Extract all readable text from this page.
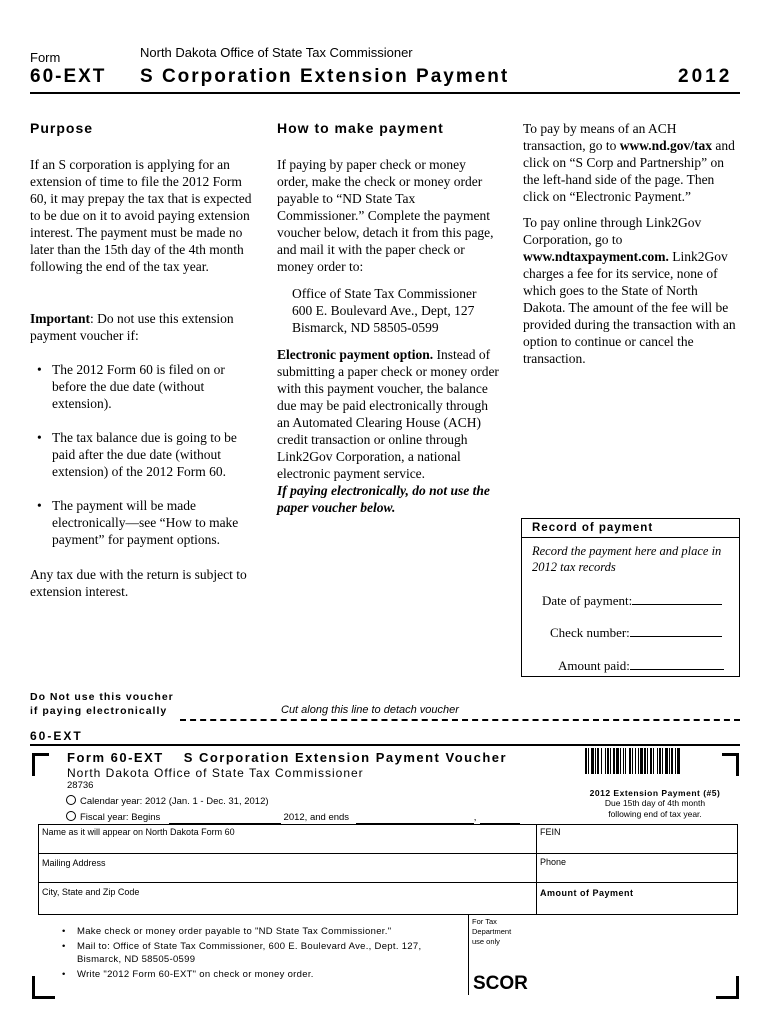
Form	North Dakota Office of State Tax Commissioner
60-EXT S Corporation Extension Payment	2012
Purpose
If an S corporation is applying for an extension of time to file the 2012 Form 60, it may prepay the tax that is expected to be due on it to avoid paying extension interest. The payment must be made no later than the 15th day of the 4th month following the end of the tax year.
Important: Do not use this extension payment voucher if:
• The 2012 Form 60 is filed on or before the due date (without extension).
• The tax balance due is going to be paid after the due date (without extension) of the 2012 Form 60.
• The payment will be made electronically—see “How to make payment” for payment options.
Any tax due with the return is subject to extension interest.
How to make payment
If paying by paper check or money order, make the check or money order payable to “ND State Tax Commissioner.” Complete the payment voucher below, detach it from this page, and mail it with the paper check or money order to:
Office of State Tax Commissioner
600 E. Boulevard Ave., Dept, 127
Bismarck, ND 58505-0599
Electronic payment option. Instead of submitting a paper check or money order with this payment voucher, the balance due may be paid electronically through an Automated Clearing House (ACH) credit transaction or online through Link2Gov Corporation, a national electronic payment service.
If paying electronically, do not use the paper voucher below.
To pay by means of an ACH transaction, go to www.nd.gov/tax and click on “S Corp and Partnership” on the left-hand side of the page. Then click on “Electronic Payment.”
To pay online through Link2Gov Corporation, go to www.ndtaxpayment.com. Link2Gov charges a fee for its service, none of which goes to the State of North Dakota. The amount of the fee will be provided during the transaction with an option to continue or cancel the transaction.
Record of payment
Record the payment here and place in 2012 tax records
Date of payment:
Check number:
Amount paid:
Do Not use this voucher
if paying electronically	Cut along this line to detach voucher
60-EXT
Form 60-EXT S Corporation Extension Payment Voucher
North Dakota Office of State Tax Commissioner
28736
Calendar year: 2012 (Jan. 1 - Dec. 31, 2012)
Fiscal year: Begins	2012, and ends	,
2012 Extension Payment (#5)
Due 15th day of 4th month
following end of tax year.
Name as it will appear on North Dakota Form 60	FEIN
Mailing Address	Phone
City, State and Zip Code	Amount of Payment
• Make check or money order payable to "ND State Tax Commissioner."
• Mail to: Office of State Tax Commissioner, 600 E. Boulevard Ave., Dept. 127, Bismarck, ND 58505-0599
• Write "2012 Form 60-EXT" on check or money order.
For Tax Department use only
SCOR
